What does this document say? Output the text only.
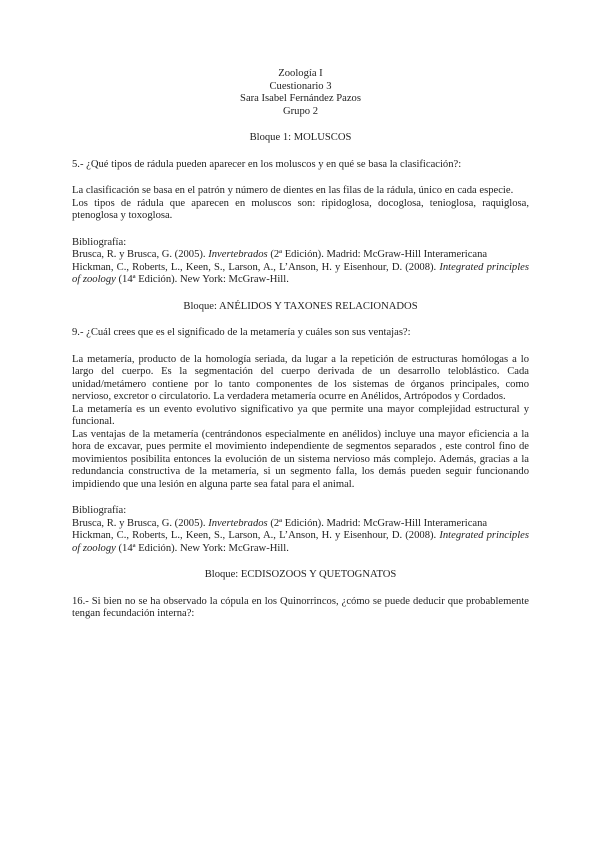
Zoología I

Cuestionario 3

Sara Isabel Fernández Pazos

Grupo 2

Bloque 1: MOLUSCOS

5.- ¿Qué tipos de rádula pueden aparecer en los moluscos y en qué se basa la clasificación?:

La clasificación se basa en el patrón y número de dientes en las filas de la rádula, único en cada especie.

Los tipos de rádula que aparecen en moluscos son: ripidoglosa, docoglosa, tenioglosa, raquiglosa, ptenoglosa y toxoglosa.

Bibliografía:

Brusca, R. y Brusca, G. (2005). Invertebrados (2ª Edición). Madrid: McGraw-Hill Interamericana

Hickman, C., Roberts, L., Keen, S., Larson, A., L’Anson, H. y Eisenhour, D. (2008). Integrated principles of zoology (14ª Edición). New York: McGraw-Hill.

Bloque: ANÉLIDOS Y TAXONES RELACIONADOS

9.- ¿Cuál crees que es el significado de la metamería y cuáles son sus ventajas?:

La metamería, producto de la homología seriada, da lugar a la repetición de estructuras homólogas a lo largo del cuerpo. Es la segmentación del cuerpo derivada de un desarrollo teloblástico. Cada unidad/metámero contiene por lo tanto componentes de los sistemas de órganos principales, como nervioso, excretor o circulatorio. La verdadera metamería ocurre en Anélidos, Artrópodos y Cordados.

La metamería es un evento evolutivo significativo ya que permite una mayor complejidad estructural y funcional.

Las ventajas de la metamería (centrándonos especialmente en anélidos) incluye una mayor eficiencia a la hora de excavar, pues permite el movimiento independiente de segmentos separados , este control fino de movimientos posibilita entonces la evolución de un sistema nervioso más complejo. Además, gracias a la redundancia constructiva de la metamería, si un segmento falla, los demás pueden seguir funcionando impidiendo que una lesión en alguna parte sea fatal para el animal.

Bibliografía:

Brusca, R. y Brusca, G. (2005). Invertebrados (2ª Edición). Madrid: McGraw-Hill Interamericana

Hickman, C., Roberts, L., Keen, S., Larson, A., L’Anson, H. y Eisenhour, D. (2008). Integrated principles of zoology (14ª Edición). New York: McGraw-Hill.

Bloque: ECDISOZOOS Y QUETOGNATOS

16.- Si bien no se ha observado la cópula en los Quinorrincos, ¿cómo se puede deducir que probablemente tengan fecundación interna?:
